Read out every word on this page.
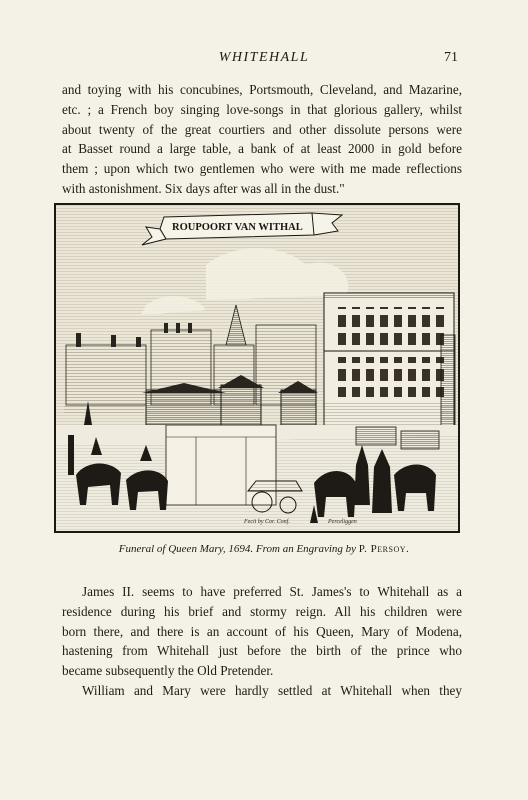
WHITEHALL	71
and toying with his concubines, Portsmouth, Cleveland, and Mazarine,
etc. ; a French boy singing love-songs in that glorious gallery, whilst
about twenty of the great courtiers and other dissolute persons were
at Basset round a large table, a bank of at least 2000 in gold before
them ; upon which two gentlemen who were with me made reflections
with astonishment. Six days after was all in the dust."
ROUPOORT VAN WITHAL
Fecit by Cor. Conf.	Perceliggen
Funeral of Queen Mary, 1694. From an Engraving by P. Persoy.
James II. seems to have preferred St. James's to Whitehall as a
residence during his brief and stormy reign. All his children were
born there, and there is an account of his Queen, Mary of Modena,
hastening from Whitehall just before the birth of the prince who
became subsequently the Old Pretender.
William and Mary were hardly settled at Whitehall when they
